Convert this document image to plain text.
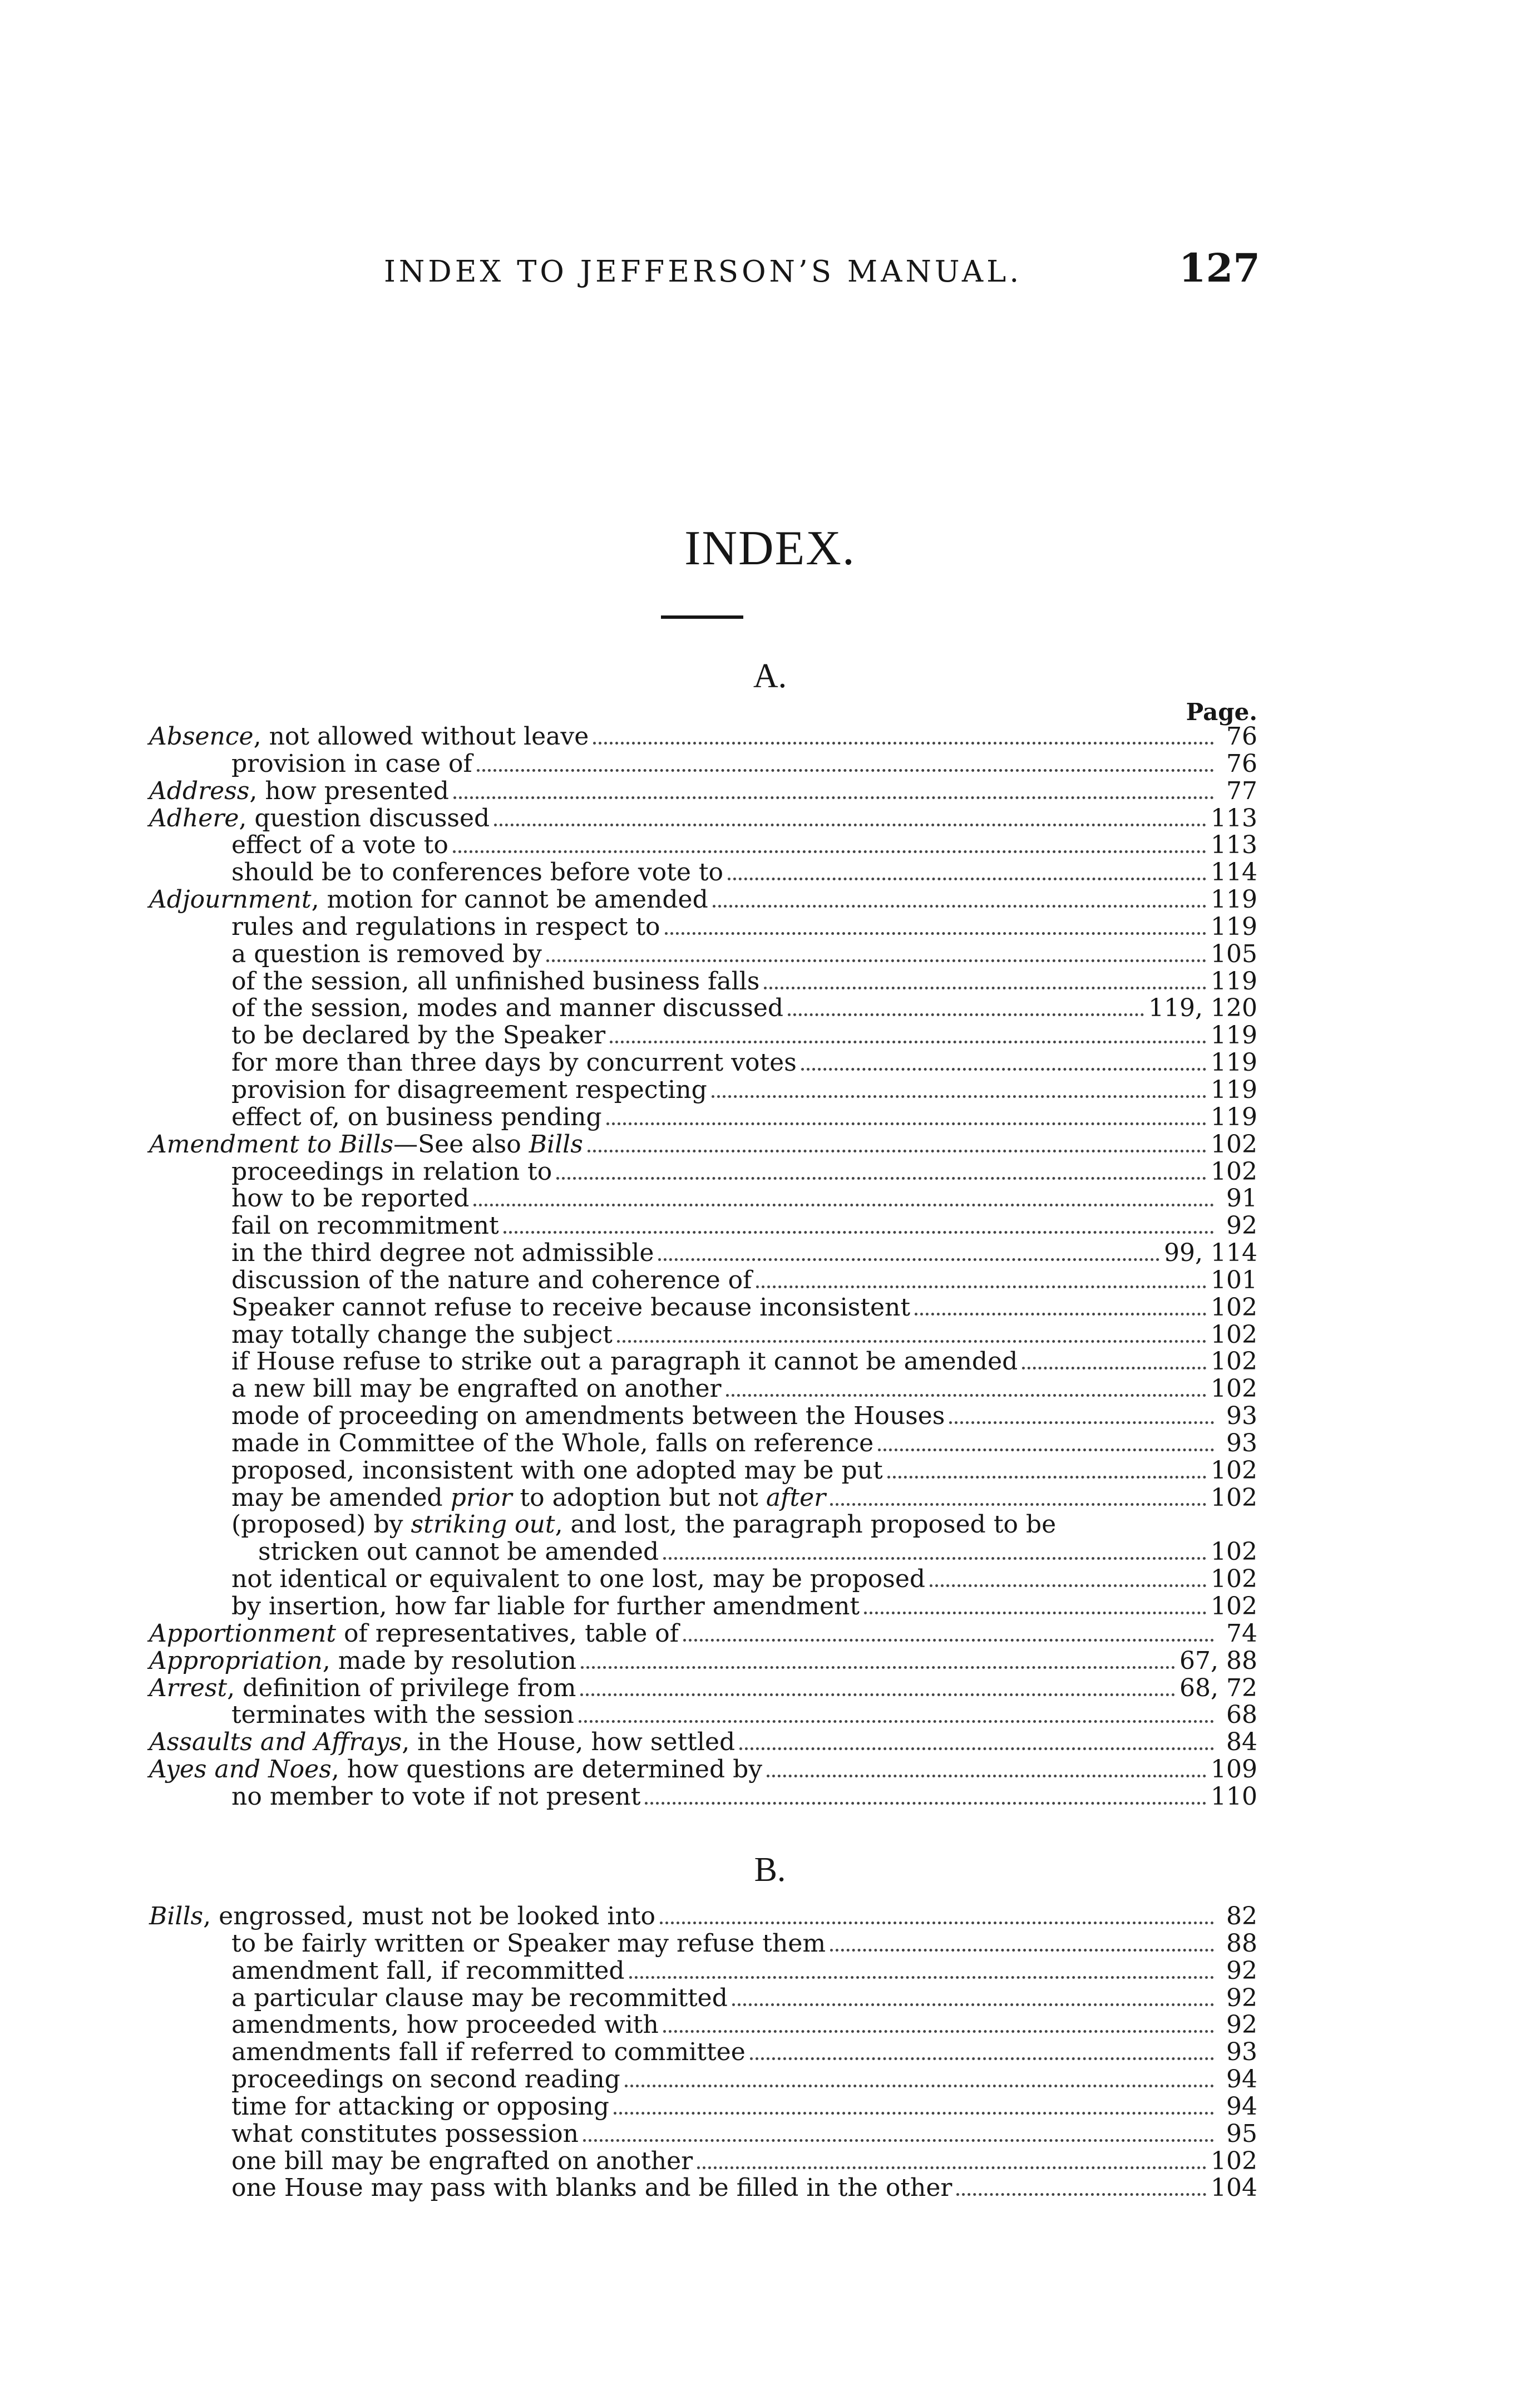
INDEX TO JEFFERSON’S MANUAL.	127
INDEX.
A.
Page.
Absence, not allowed without leave	76
provision in case of	76
Address, how presented	77
Adhere, question discussed	113
effect of a vote to	113
should be to conferences before vote to	114
Adjournment, motion for cannot be amended	119
rules and regulations in respect to	119
a question is removed by	105
of the session, all unfinished business falls	119
of the session, modes and manner discussed	119, 120
to be declared by the Speaker	119
for more than three days by concurrent votes	119
provision for disagreement respecting	119
effect of, on business pending	119
Amendment to Bills—See also Bills	102
proceedings in relation to	102
how to be reported	91
fail on recommitment	92
in the third degree not admissible	99, 114
discussion of the nature and coherence of	101
Speaker cannot refuse to receive because inconsistent	102
may totally change the subject	102
if House refuse to strike out a paragraph it cannot be amended	102
a new bill may be engrafted on another	102
mode of proceeding on amendments between the Houses	93
made in Committee of the Whole, falls on reference	93
proposed, inconsistent with one adopted may be put	102
may be amended prior to adoption but not after	102
(proposed) by striking out, and lost, the paragraph proposed to be
stricken out cannot be amended	102
not identical or equivalent to one lost, may be proposed	102
by insertion, how far liable for further amendment	102
Apportionment of representatives, table of	74
Appropriation, made by resolution	67, 88
Arrest, definition of privilege from	68, 72
terminates with the session	68
Assaults and Affrays, in the House, how settled	84
Ayes and Noes, how questions are determined by	109
no member to vote if not present	110
B.
Bills, engrossed, must not be looked into	82
to be fairly written or Speaker may refuse them	88
amendment fall, if recommitted	92
a particular clause may be recommitted	92
amendments, how proceeded with	92
amendments fall if referred to committee	93
proceedings on second reading	94
time for attacking or opposing	94
what constitutes possession	95
one bill may be engrafted on another	102
one House may pass with blanks and be filled in the other	104
